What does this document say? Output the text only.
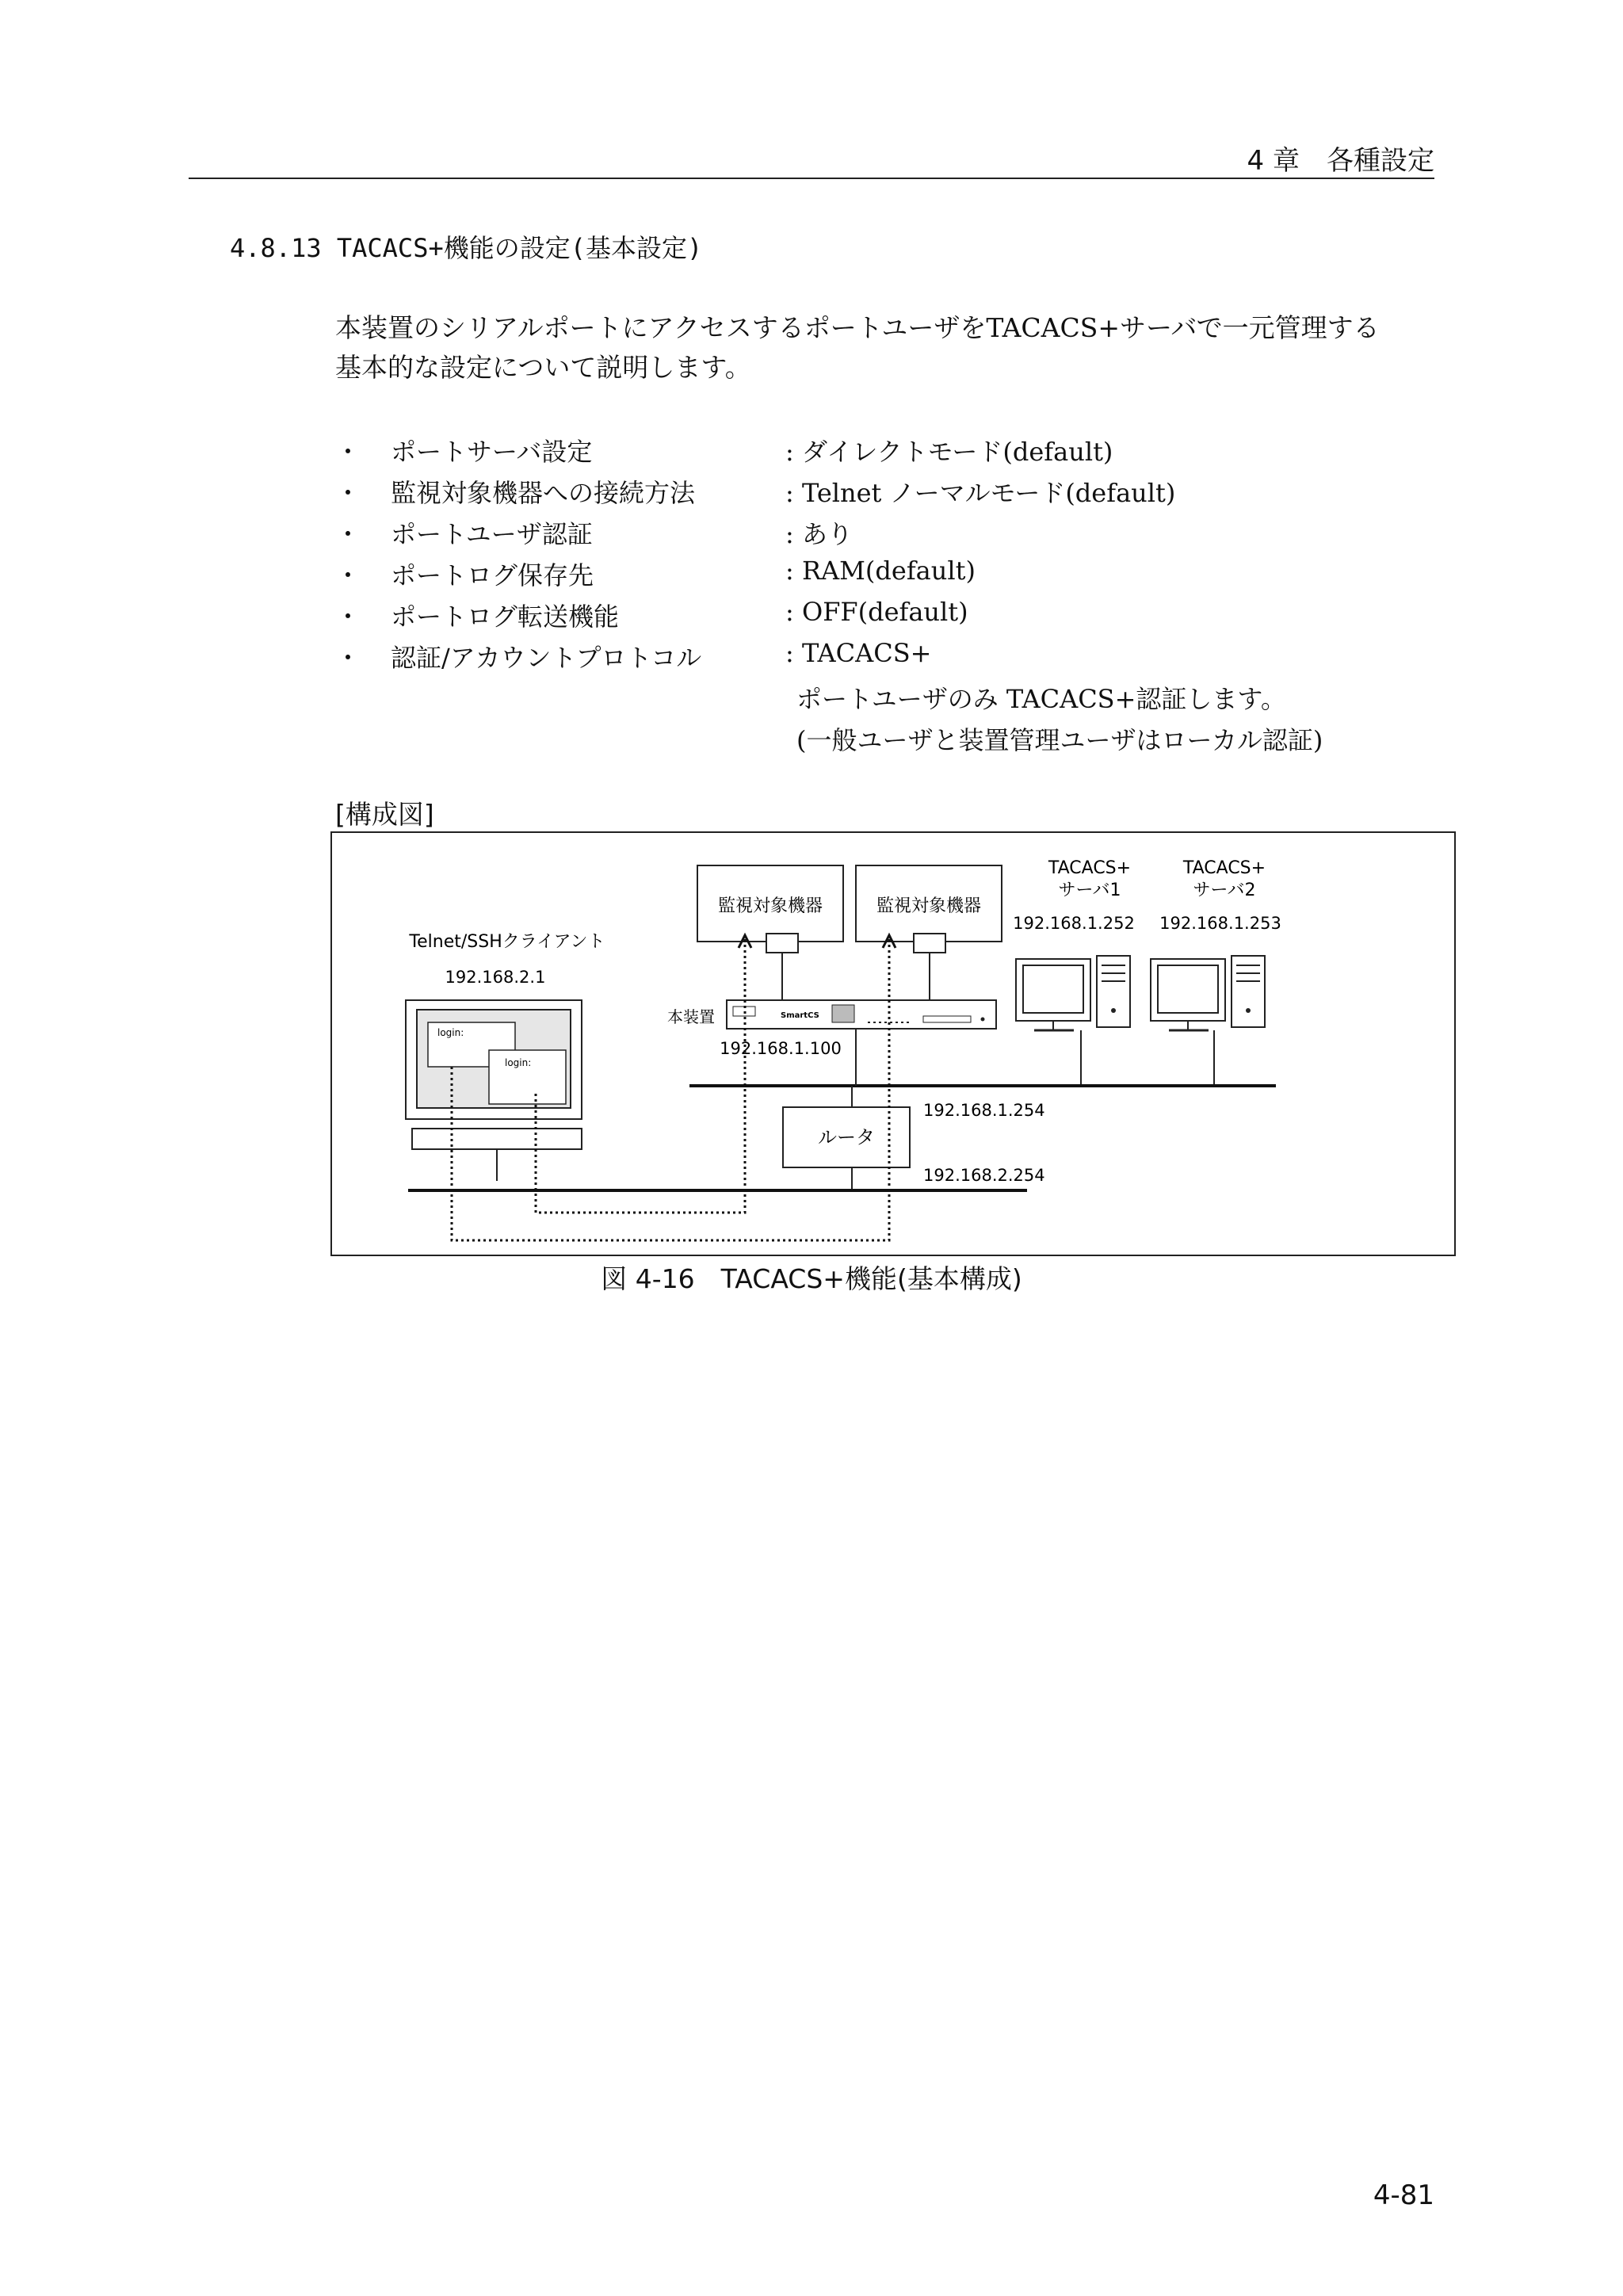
4 章　各種設定
4.8.13 TACACS+機能の設定(基本設定)
本装置のシリアルポートにアクセスするポートユーザをTACACS+サーバで一元管理する
基本的な設定について説明します。
・ ポートサーバ設定	: ダイレクトモード(default)
・ 監視対象機器への接続方法	: Telnet ノーマルモード(default)
・ ポートユーザ認証	: あり
・ ポートログ保存先	: RAM(default)
・ ポートログ転送機能	: OFF(default)
・ 認証/アカウントプロトコル	: TACACS+
ポートユーザのみ TACACS+認証します。
(一般ユーザと装置管理ユーザはローカル認証)
[構成図]
監視対象機器	監視対象機器
TACACS+
サーバ1
192.168.1.252
TACACS+
サーバ2
192.168.1.253
Telnet/SSHクライアント
192.168.2.1
login:
login:
本装置	SmartCS
192.168.1.100
ルータ
192.168.1.254
192.168.2.254
図 4-16　TACACS+機能(基本構成)
4-81
